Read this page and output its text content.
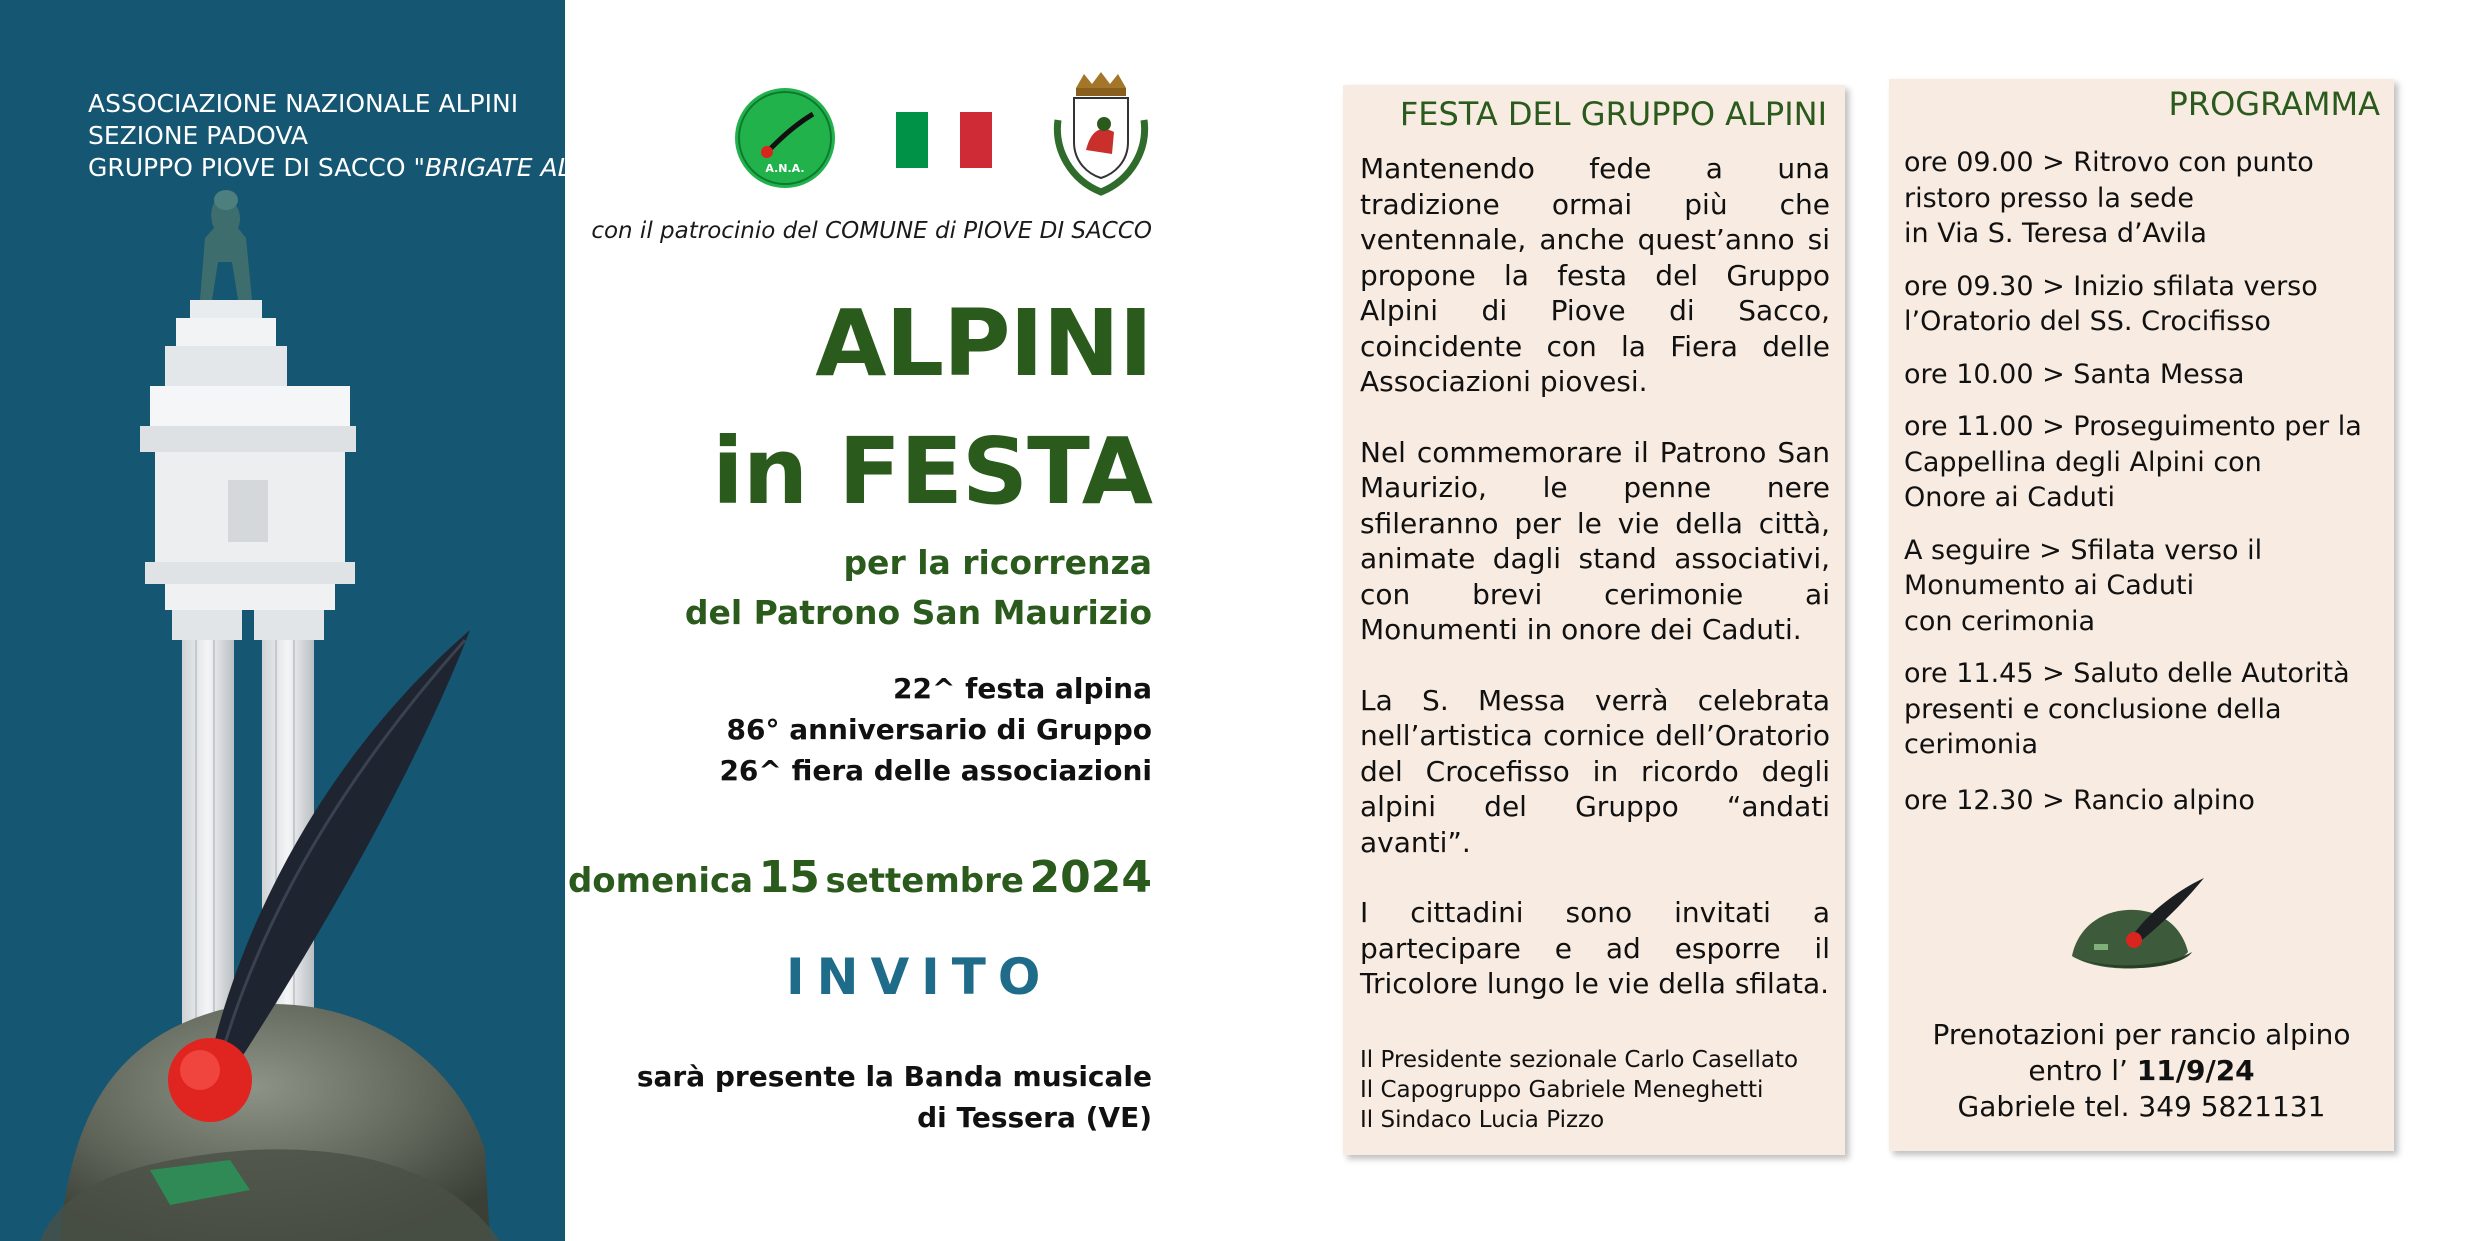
ASSOCIAZIONE NAZIONALE ALPINI
SEZIONE PADOVA
GRUPPO PIOVE DI SACCO "BRIGATE ALPINE"	A.N.A.
con il patrocinio del COMUNE di PIOVE DI SACCO
ALPINI
in FESTA
per la ricorrenza
del Patrono San Maurizio
22^ festa alpina
86° anniversario di Gruppo
26^ fiera delle associazioni
domenica 15 settembre 2024
INVITO
sarà presente la Banda musicale
di Tessera (VE)
FESTA DEL GRUPPO ALPINI

Mantenendo fede a una tradizione ormai più che ventennale, anche quest’anno si propone la festa del Gruppo Alpini di Piove di Sacco, coincidente con la Fiera delle Associazioni piovesi.

Nel commemorare il Patrono San Maurizio, le penne nere sfileranno per le vie della città, animate dagli stand associativi, con brevi cerimonie ai Monumenti in onore dei Caduti.

La S. Messa verrà celebrata nell’artistica cornice dell’Oratorio del Crocefisso in ricordo degli alpini del Gruppo “andati avanti”.

I cittadini sono invitati a partecipare e ad esporre il Tricolore lungo le vie della sfilata.

Il Presidente sezionale Carlo Casellato
Il Capogruppo Gabriele Meneghetti
Il Sindaco Lucia Pizzo
PROGRAMMA
ore 09.00 > Ritrovo con punto
ristoro presso la sede
in Via S. Teresa d’Avila
ore 09.30 > Inizio sfilata verso
l’Oratorio del SS. Crocifisso
ore 10.00 > Santa Messa
ore 11.00 > Proseguimento per la
Cappellina degli Alpini con
Onore ai Caduti
A seguire > Sfilata verso il
Monumento ai Caduti
con cerimonia
ore 11.45 > Saluto delle Autorità
presenti e conclusione della
cerimonia
ore 12.30 > Rancio alpino
Prenotazioni per rancio alpino
entro l’ 11/9/24
Gabriele tel. 349 5821131
